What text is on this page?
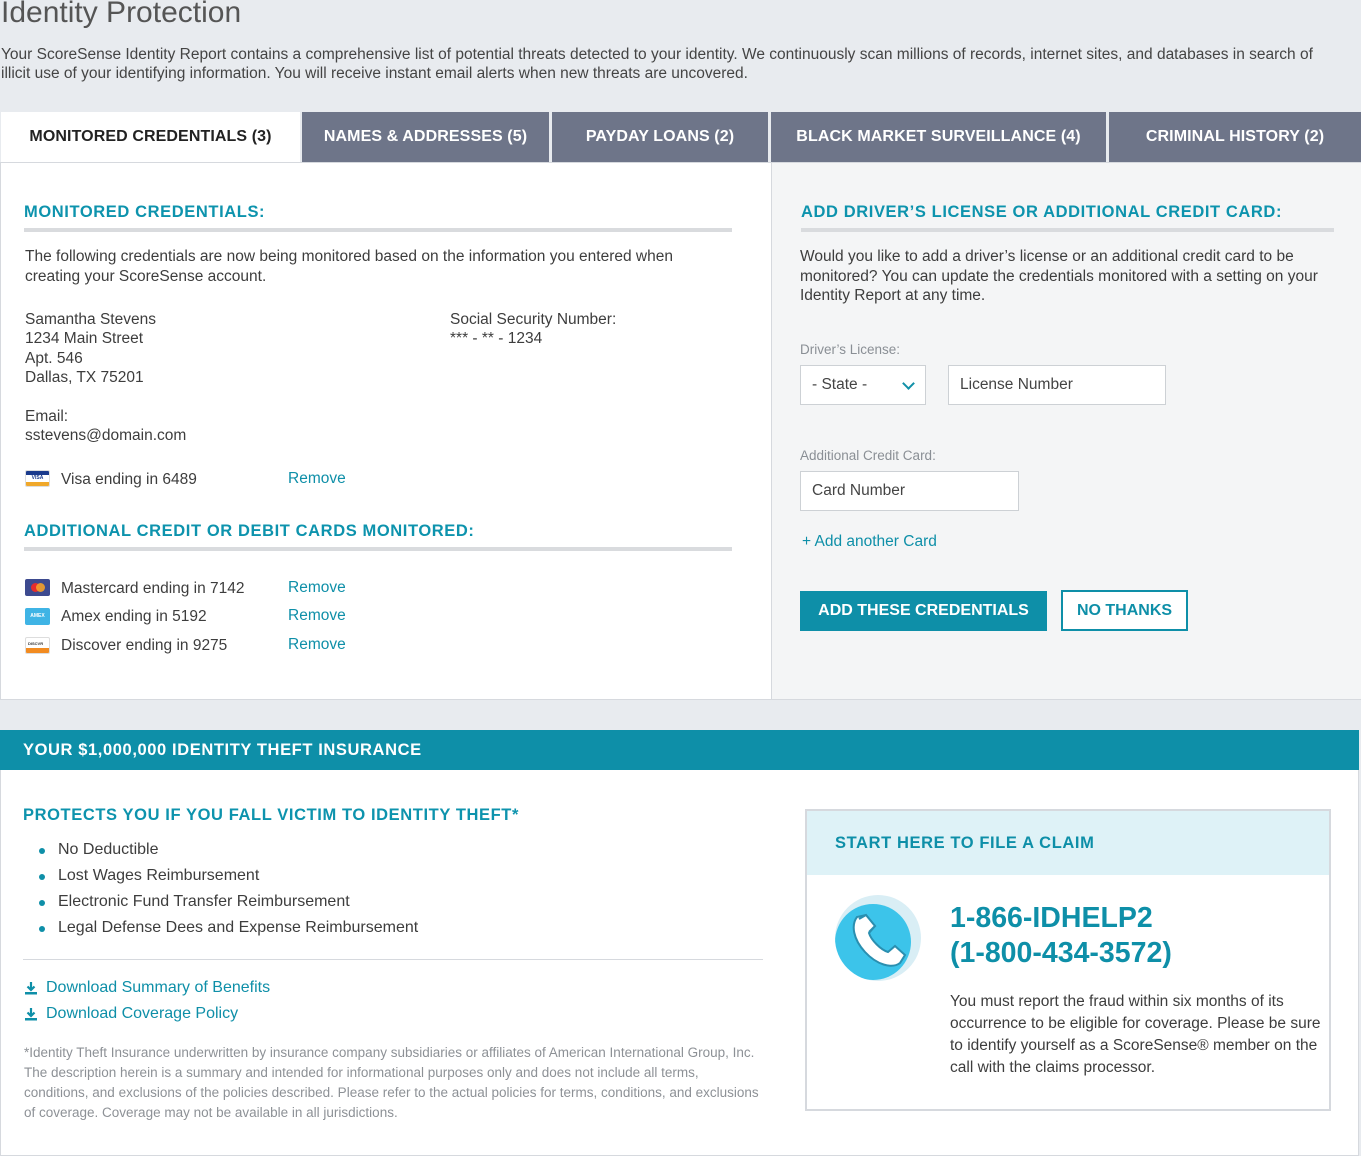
Identity Protection

Your ScoreSense Identity Report contains a comprehensive list of potential threats detected to your identity. We continuously scan millions of records, internet sites, and databases in search of illicit use of your identifying information. You will receive instant email alerts when new threats are uncovered.

MONITORED CREDENTIALS (3)	NAMES & ADDRESSES (5)	PAYDAY LOANS (2)	BLACK MARKET SURVEILLANCE (4)	CRIMINAL HISTORY (2)
MONITORED CREDENTIALS:
The following credentials are now being monitored based on the information you entered when creating your ScoreSense account.
Samantha Stevens
1234 Main Street
Apt. 546
Dallas, TX 75201
Social Security Number:
*** - ** - 1234
Email:
sstevens@domain.com
VISA	Visa ending in 6489	Remove
ADDITIONAL CREDIT OR DEBIT CARDS MONITORED:
Mastercard ending in 7142	Remove
AMEX	Amex ending in 5192	Remove
DISCVR	Discover ending in 9275	Remove
ADD DRIVER’S LICENSE OR ADDITIONAL CREDIT CARD:
Would you like to add a driver’s license or an additional credit card to be monitored? You can update the credentials monitored with a setting on your Identity Report at any time.
Driver’s License:
- State -	License Number
Additional Credit Card:
Card Number
+ Add another Card
ADD THESE CREDENTIALS	NO THANKS
YOUR $1,000,000 IDENTITY THEFT INSURANCE
PROTECTS YOU IF YOU FALL VICTIM TO IDENTITY THEFT*
No Deductible
Lost Wages Reimbursement
Electronic Fund Transfer Reimbursement
Legal Defense Dees and Expense Reimbursement
Download Summary of Benefits
Download Coverage Policy
*Identity Theft Insurance underwritten by insurance company subsidiaries or affiliates of American International Group, Inc. The description herein is a summary and intended for informational purposes only and does not include all terms, conditions, and exclusions of the policies described. Please refer to the actual policies for terms, conditions, and exclusions of coverage. Coverage may not be available in all jurisdictions.
START HERE TO FILE A CLAIM
1-866-IDHELP2
(1-800-434-3572)
You must report the fraud within six months of its occurrence to be eligible for coverage. Please be sure to identify yourself as a ScoreSense® member on the call with the claims processor.
